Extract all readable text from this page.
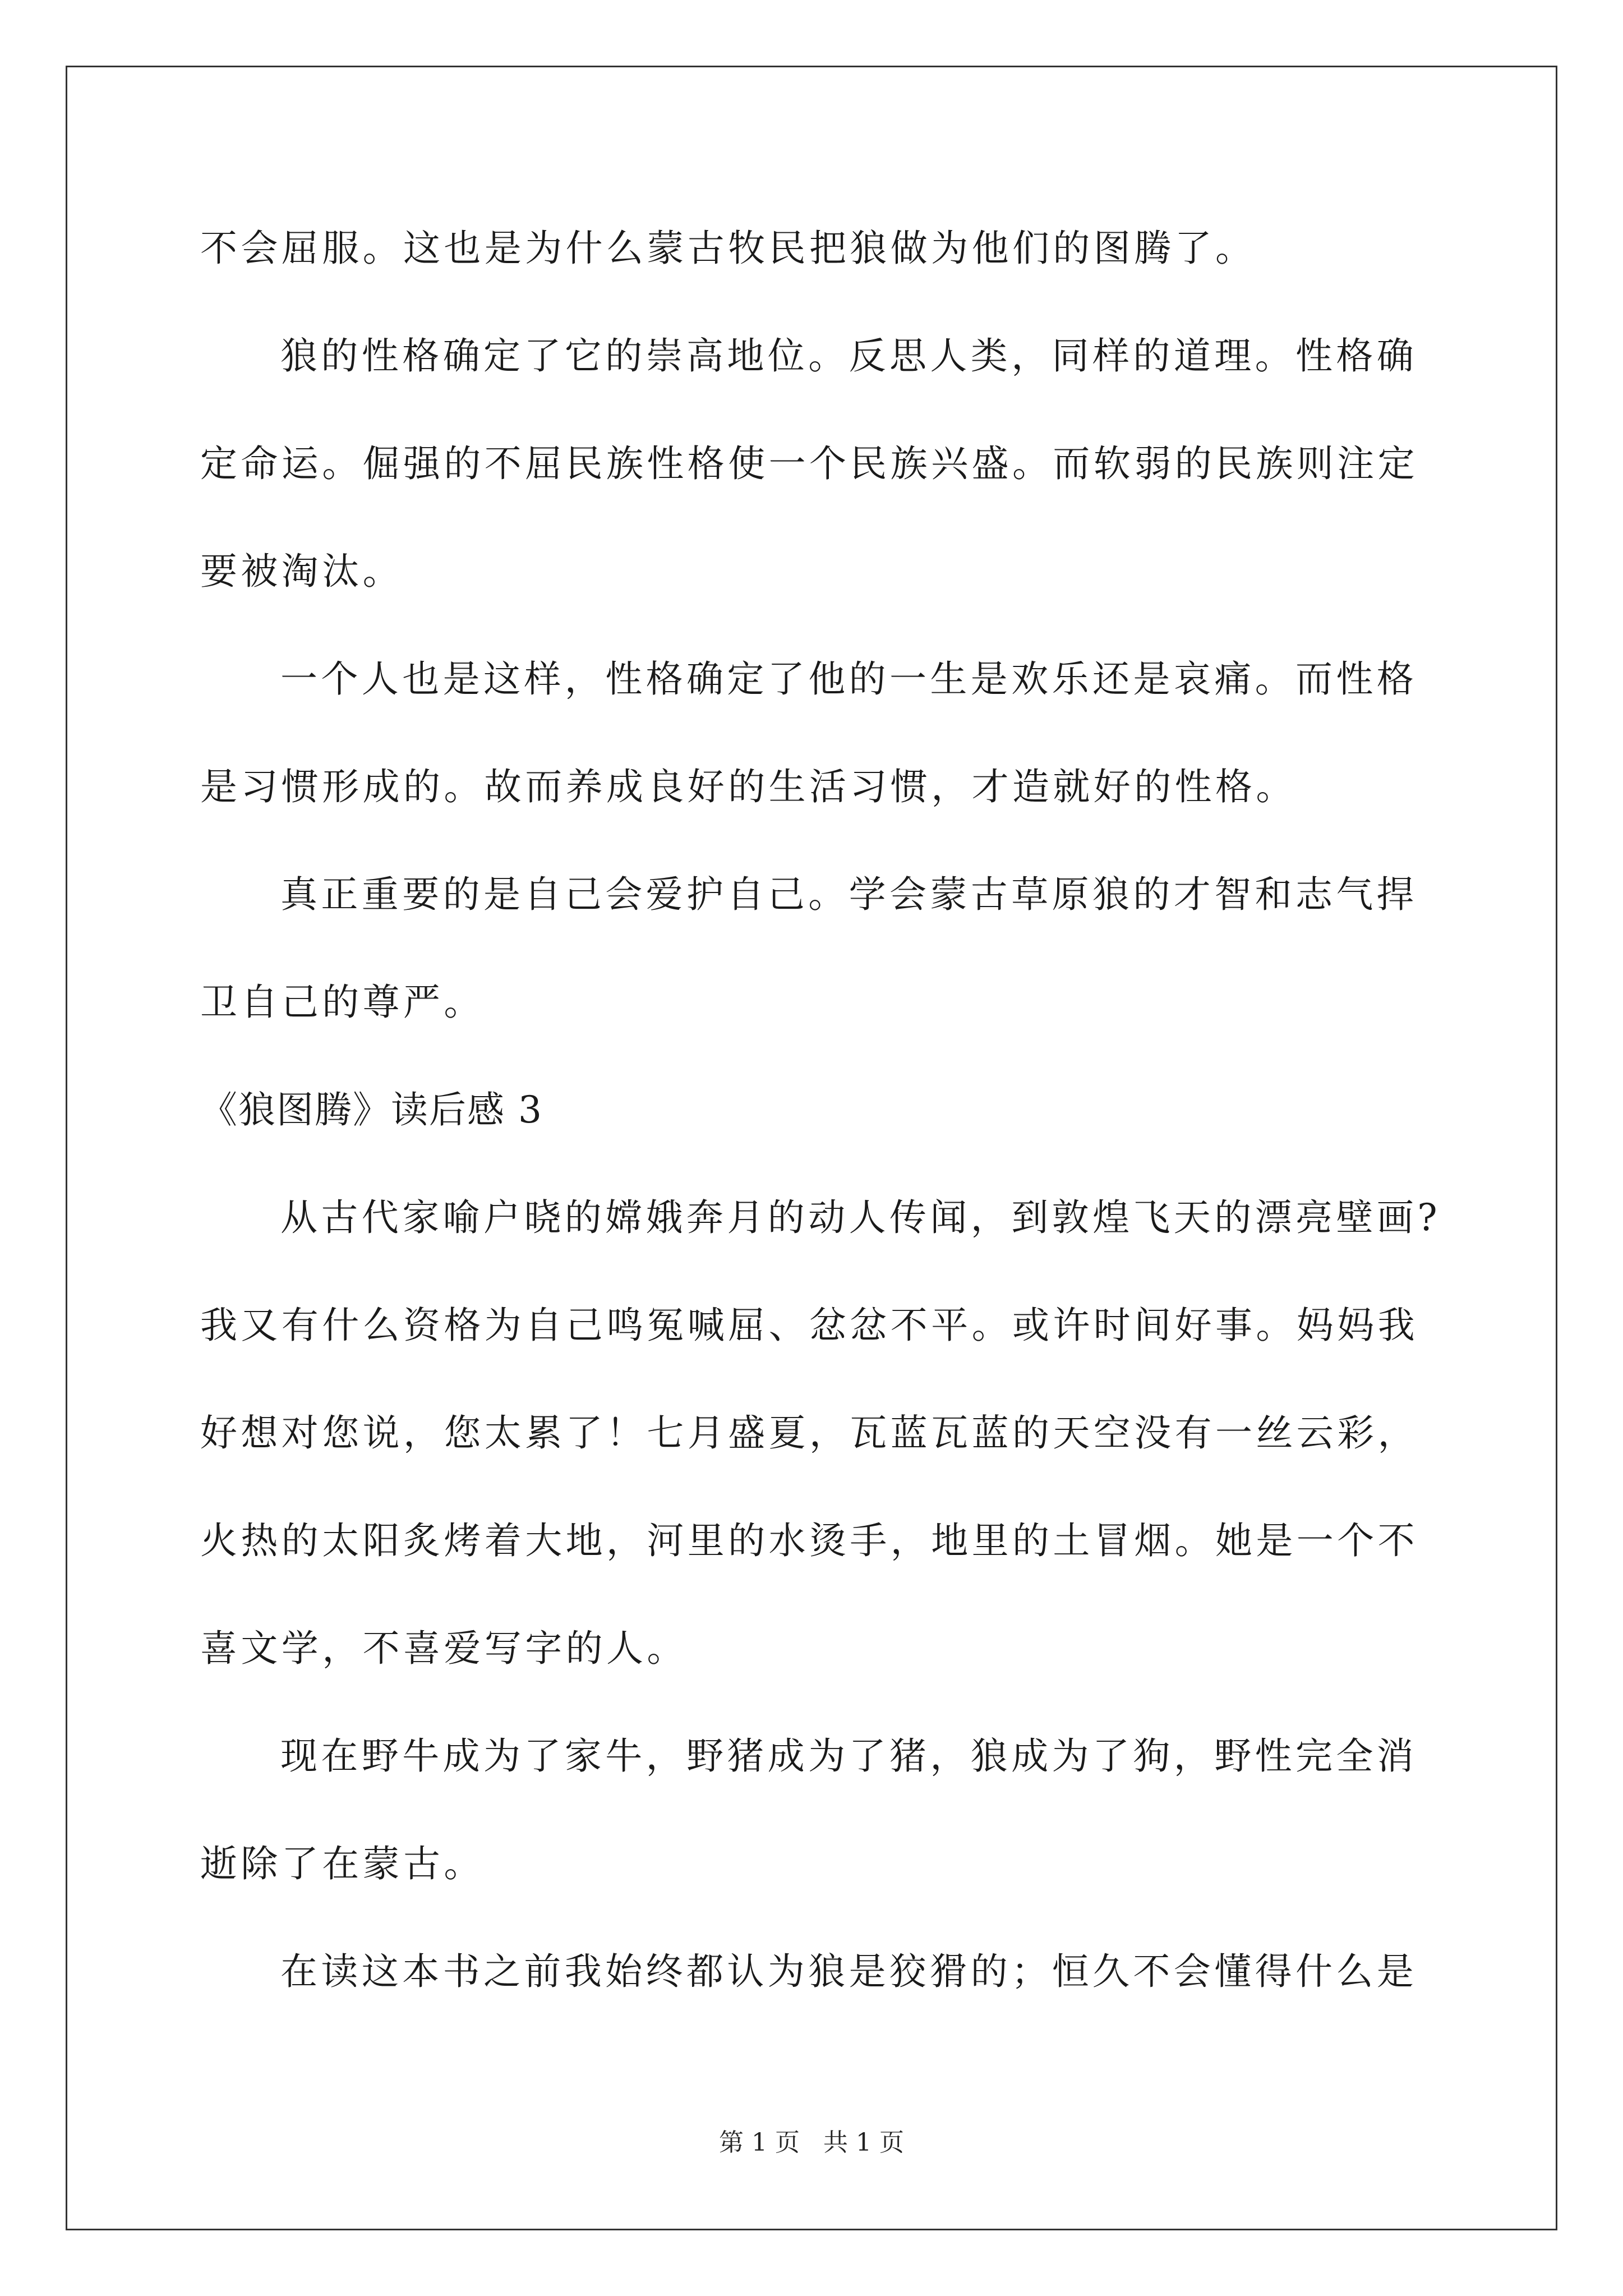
不会屈服。这也是为什么蒙古牧民把狼做为他们的图腾了。
狼的性格确定了它的崇高地位。反思人类，同样的道理。性格确
定命运。倔强的不屈民族性格使一个民族兴盛。而软弱的民族则注定
要被淘汰。
一个人也是这样，性格确定了他的一生是欢乐还是哀痛。而性格
是习惯形成的。故而养成良好的生活习惯，才造就好的性格。
真正重要的是自己会爱护自己。学会蒙古草原狼的才智和志气捍
卫自己的尊严。
《狼图腾》读后感 3
从古代家喻户晓的嫦娥奔月的动人传闻，到敦煌飞天的漂亮壁画?
我又有什么资格为自己鸣冤喊屈、忿忿不平。或许时间好事。妈妈我
好想对您说，您太累了！七月盛夏，瓦蓝瓦蓝的天空没有一丝云彩，
火热的太阳炙烤着大地，河里的水烫手，地里的土冒烟。她是一个不
喜文学，不喜爱写字的人。
现在野牛成为了家牛，野猪成为了猪，狼成为了狗，野性完全消
逝除了在蒙古。
在读这本书之前我始终都认为狼是狡猾的；恒久不会懂得什么是
第 1 页   共 1 页
